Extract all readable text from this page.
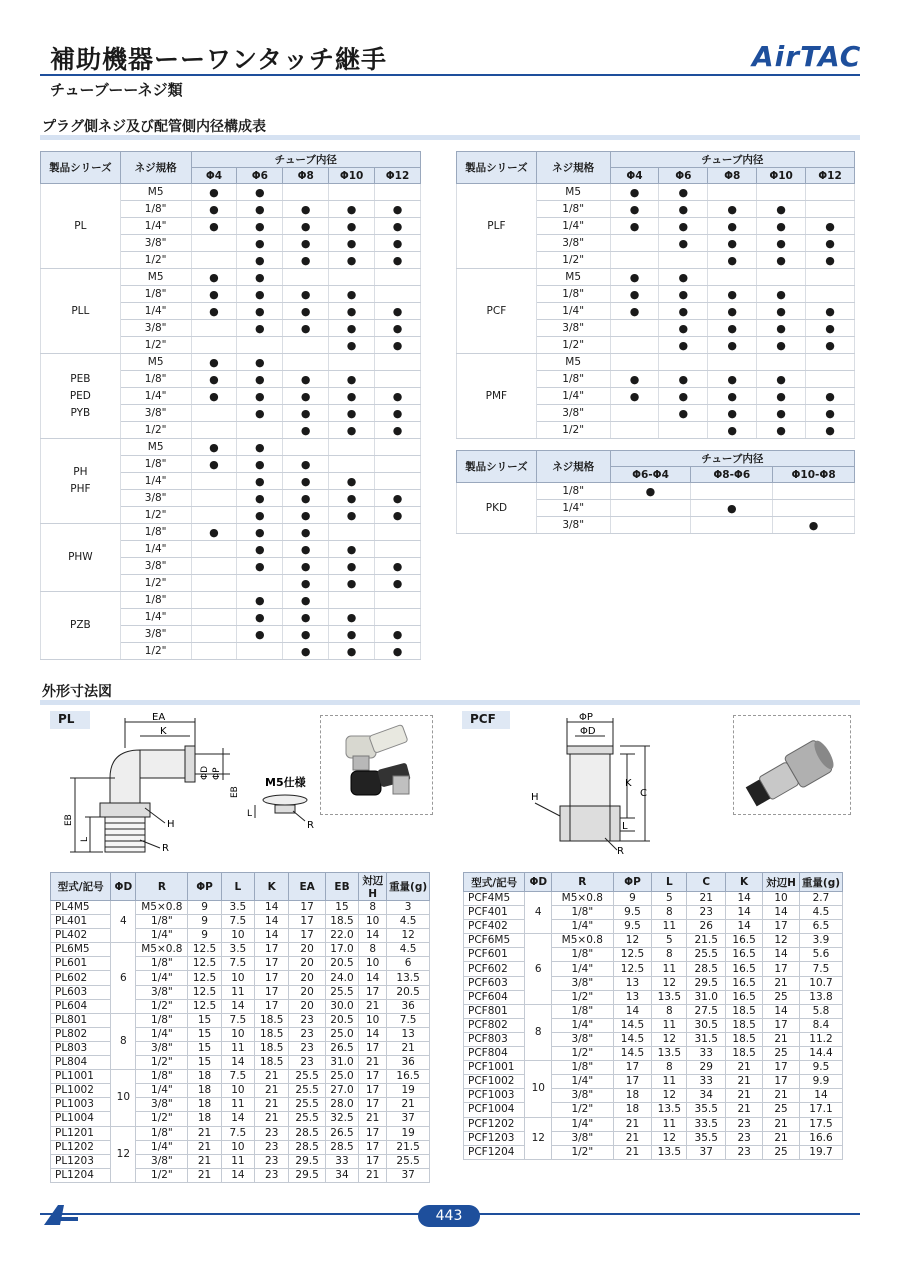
補助機器ーーワンタッチ継手	AirTAC
チューブーーネジ類
プラグ側ネジ及び配管側内径構成表
製品シリーズ	ネジ規格	チューブ内径				
		Φ4	Φ6	Φ8	Φ10	Φ12
PL	M5	●	●			
	1/8"	●	●	●	●	●
	1/4"	●	●	●	●	●
	3/8"		●	●	●	●
	1/2"		●	●	●	●
PLL	M5	●	●			
	1/8"	●	●	●	●	
	1/4"	●	●	●	●	●
	3/8"		●	●	●	●
	1/2"				●	●
PEB
PED
PYB	M5	●	●			
	1/8"	●	●	●	●	
	1/4"	●	●	●	●	●
	3/8"		●	●	●	●
	1/2"			●	●	●
PH
PHF	M5	●	●			
	1/8"	●	●	●		
	1/4"		●	●	●	
	3/8"		●	●	●	●
	1/2"		●	●	●	●
PHW	1/8"	●	●	●		
	1/4"		●	●	●	
	3/8"		●	●	●	●
	1/2"			●	●	●
PZB	1/8"		●	●		
	1/4"		●	●	●	
	3/8"		●	●	●	●
	1/2"			●	●	●
製品シリーズ	ネジ規格	チューブ内径				
		Φ4	Φ6	Φ8	Φ10	Φ12
PLF	M5	●	●			
	1/8"	●	●	●	●	
	1/4"	●	●	●	●	●
	3/8"		●	●	●	●
	1/2"			●	●	●
PCF	M5	●	●			
	1/8"	●	●	●	●	
	1/4"	●	●	●	●	●
	3/8"		●	●	●	●
	1/2"		●	●	●	●
PMF	M5					
	1/8"	●	●	●	●	
	1/4"	●	●	●	●	●
	3/8"		●	●	●	●
	1/2"			●	●	●
製品シリーズ	ネジ規格	チューブ内径		
		Φ6-Φ4	Φ8-Φ6	Φ10-Φ8
PKD	1/8"	●		
	1/4"		●	
	3/8"			●
外形寸法図
PL	PCF
EA
K
ΦD ΦP
EB
EB
L
H
R
M5仕様
L
R
ΦP
ΦD
K
C
H
L
R
型式/記号	ΦD	R	ΦP	L	K	EA	EB	対辺H	重量(g)
PL4M5	4	M5×0.8	9	3.5	14	17	15	8	3
PL401		1/8"	9	7.5	14	17	18.5	10	4.5
PL402		1/4"	9	10	14	17	22.0	14	12
PL6M5	6	M5×0.8	12.5	3.5	17	20	17.0	8	4.5
PL601		1/8"	12.5	7.5	17	20	20.5	10	6
PL602		1/4"	12.5	10	17	20	24.0	14	13.5
PL603		3/8"	12.5	11	17	20	25.5	17	20.5
PL604		1/2"	12.5	14	17	20	30.0	21	36
PL801	8	1/8"	15	7.5	18.5	23	20.5	10	7.5
PL802		1/4"	15	10	18.5	23	25.0	14	13
PL803		3/8"	15	11	18.5	23	26.5	17	21
PL804		1/2"	15	14	18.5	23	31.0	21	36
PL1001	10	1/8"	18	7.5	21	25.5	25.0	17	16.5
PL1002		1/4"	18	10	21	25.5	27.0	17	19
PL1003		3/8"	18	11	21	25.5	28.0	17	21
PL1004		1/2"	18	14	21	25.5	32.5	21	37
PL1201	12	1/8"	21	7.5	23	28.5	26.5	17	19
PL1202		1/4"	21	10	23	28.5	28.5	17	21.5
PL1203		3/8"	21	11	23	29.5	33	17	25.5
PL1204		1/2"	21	14	23	29.5	34	21	37
型式/記号	ΦD	R	ΦP	L	C	K	対辺H	重量(g)
PCF4M5	4	M5×0.8	9	5	21	14	10	2.7
PCF401		1/8"	9.5	8	23	14	14	4.5
PCF402		1/4"	9.5	11	26	14	17	6.5
PCF6M5	6	M5×0.8	12	5	21.5	16.5	12	3.9
PCF601		1/8"	12.5	8	25.5	16.5	14	5.6
PCF602		1/4"	12.5	11	28.5	16.5	17	7.5
PCF603		3/8"	13	12	29.5	16.5	21	10.7
PCF604		1/2"	13	13.5	31.0	16.5	25	13.8
PCF801	8	1/8"	14	8	27.5	18.5	14	5.8
PCF802		1/4"	14.5	11	30.5	18.5	17	8.4
PCF803		3/8"	14.5	12	31.5	18.5	21	11.2
PCF804		1/2"	14.5	13.5	33	18.5	25	14.4
PCF1001	10	1/8"	17	8	29	21	17	9.5
PCF1002		1/4"	17	11	33	21	17	9.9
PCF1003		3/8"	18	12	34	21	21	14
PCF1004		1/2"	18	13.5	35.5	21	25	17.1
PCF1202	12	1/4"	21	11	33.5	23	21	17.5
PCF1203		3/8"	21	12	35.5	23	21	16.6
PCF1204		1/2"	21	13.5	37	23	25	19.7
443
